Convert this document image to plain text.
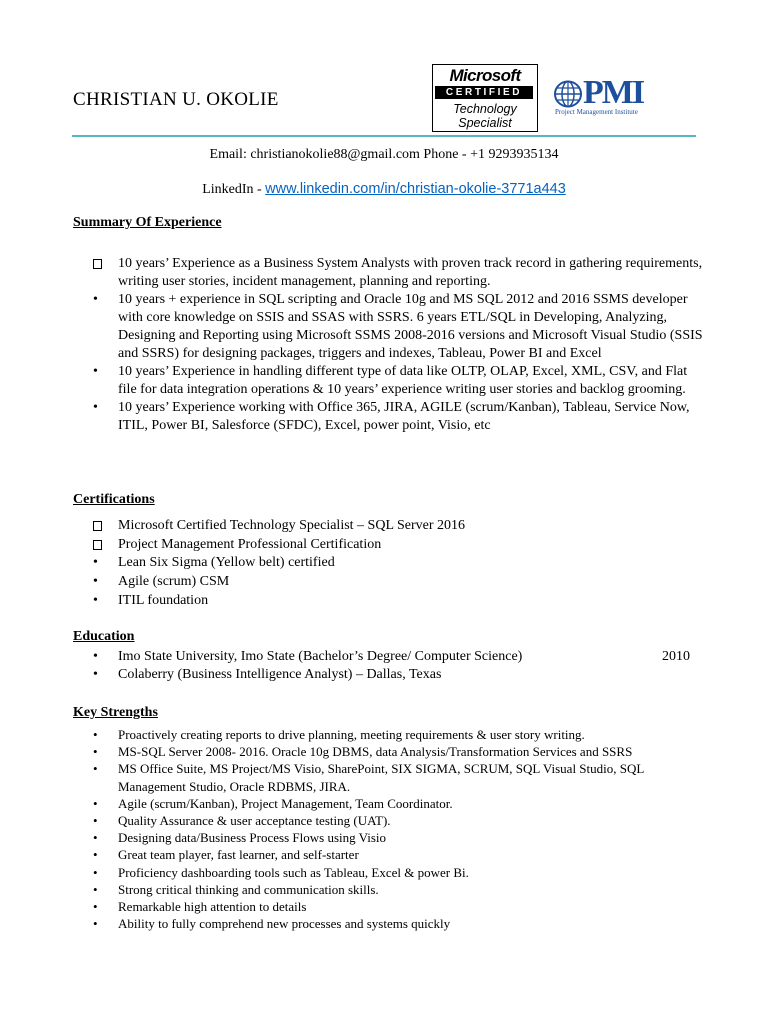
CHRISTIAN U. OKOLIE
Microsoft
CERTIFIED
Technology
Specialist
PMI
Project Management Institute
Email: christianokolie88@gmail.com Phone - +1 9293935134
LinkedIn - www.linkedin.com/in/christian-okolie-3771a443
Summary Of Experience
10 years’ Experience as a Business System Analysts with proven track record in gathering requirements, writing user stories, incident management, planning and reporting.
• 10 years + experience in SQL scripting and Oracle 10g and MS SQL 2012 and 2016 SSMS developer with core knowledge on SSIS and SSAS with SSRS. 6 years ETL/SQL in Developing, Analyzing, Designing and Reporting using Microsoft SSMS 2008-2016 versions and Microsoft Visual Studio (SSIS and SSRS) for designing packages, triggers and indexes, Tableau, Power BI and Excel
• 10 years’ Experience in handling different type of data like OLTP, OLAP, Excel, XML, CSV, and Flat file for data integration operations & 10 years’ experience writing user stories and backlog grooming.
• 10 years’ Experience working with Office 365, JIRA, AGILE (scrum/Kanban), Tableau, Service Now, ITIL, Power BI, Salesforce (SFDC), Excel, power point, Visio, etc
Certifications
Microsoft Certified Technology Specialist – SQL Server 2016
Project Management Professional Certification
• Lean Six Sigma (Yellow belt) certified
• Agile (scrum) CSM
• ITIL foundation
Education
• Imo State University, Imo State (Bachelor’s Degree/ Computer Science)	2010
• Colaberry (Business Intelligence Analyst) – Dallas, Texas
Key Strengths
• Proactively creating reports to drive planning, meeting requirements & user story writing.
• MS-SQL Server 2008- 2016. Oracle 10g DBMS, data Analysis/Transformation Services and SSRS
• MS Office Suite, MS Project/MS Visio, SharePoint, SIX SIGMA, SCRUM, SQL Visual Studio, SQL Management Studio, Oracle RDBMS, JIRA.
• Agile (scrum/Kanban), Project Management, Team Coordinator.
• Quality Assurance & user acceptance testing (UAT).
• Designing data/Business Process Flows using Visio
• Great team player, fast learner, and self-starter
• Proficiency dashboarding tools such as Tableau, Excel & power Bi.
• Strong critical thinking and communication skills.
• Remarkable high attention to details
• Ability to fully comprehend new processes and systems quickly
